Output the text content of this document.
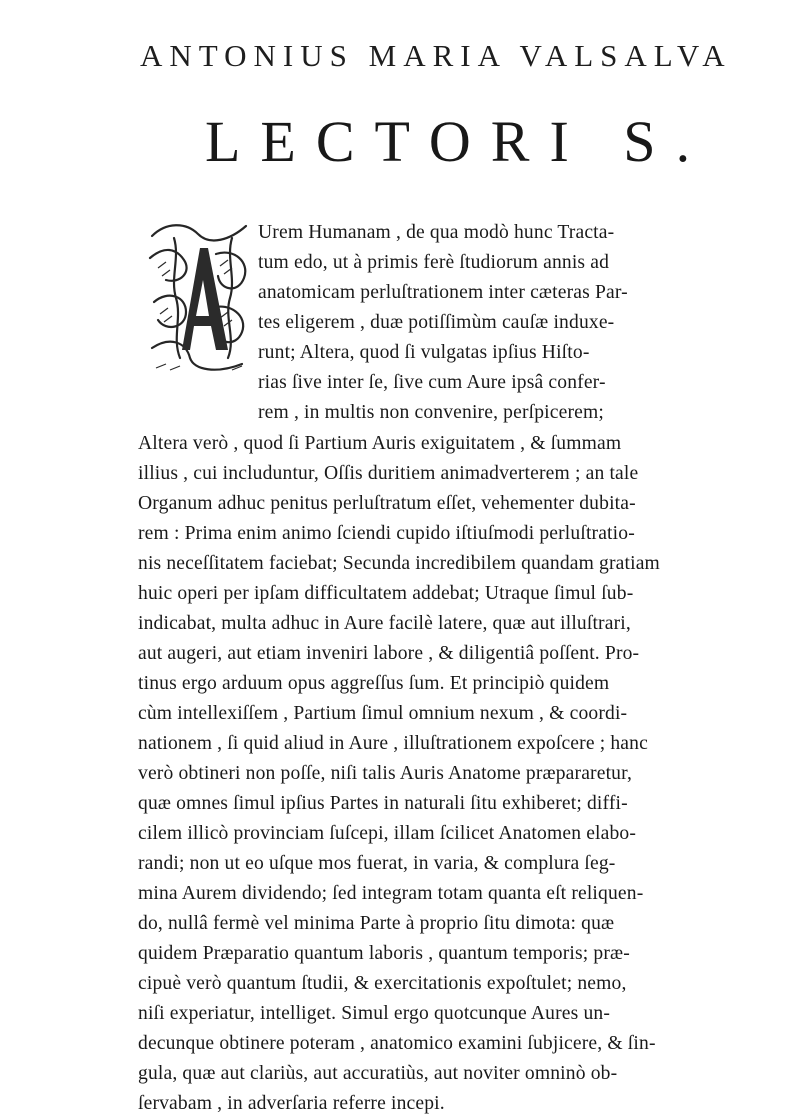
ANTONIUS MARIA VALSALVA
LECTORI S.
Urem Humanam , de qua modò hunc Tracta-
tum edo, ut à primis ferè ſtudiorum annis ad
anatomicam perluſtrationem inter cæteras Par-
tes eligerem , duæ potiſſimùm cauſæ induxe-
runt; Altera, quod ſi vulgatas ipſius Hiſto-
rias ſive inter ſe, ſive cum Aure ipsâ confer-
rem , in multis non convenire, perſpicerem;
Altera verò , quod ſi Partium Auris exiguitatem , & ſummam
illius , cui includuntur, Oſſis duritiem animadverterem ; an tale
Organum adhuc penitus perluſtratum eſſet, vehementer dubita-
rem : Prima enim animo ſciendi cupido iſtiuſmodi perluſtratio-
nis neceſſitatem faciebat; Secunda incredibilem quandam gratiam
huic operi per ipſam difficultatem addebat; Utraque ſimul ſub-
indicabat, multa adhuc in Aure facilè latere, quæ aut illuſtrari,
aut augeri, aut etiam inveniri labore , & diligentiâ poſſent. Pro-
tinus ergo arduum opus aggreſſus ſum. Et principiò quidem
cùm intellexiſſem , Partium ſimul omnium nexum , & coordi-
nationem , ſi quid aliud in Aure , illuſtrationem expoſcere ; hanc
verò obtineri non poſſe, niſi talis Auris Anatome præpararetur,
quæ omnes ſimul ipſius Partes in naturali ſitu exhiberet; diffi-
cilem illicò provinciam ſuſcepi, illam ſcilicet Anatomen elabo-
randi; non ut eo uſque mos fuerat, in varia, & complura ſeg-
mina Aurem dividendo; ſed integram totam quanta eſt reliquen-
do, nullâ fermè vel minima Parte à proprio ſitu dimota: quæ
quidem Præparatio quantum laboris , quantum temporis; præ-
cipuè verò quantum ſtudii, & exercitationis expoſtulet; nemo,
niſi experiatur, intelliget. Simul ergo quotcunque Aures un-
decunque obtinere poteram , anatomico examini ſubjicere, & ſin-
gula, quæ aut clariùs, aut accuratiùs, aut noviter omninò ob-
ſervabam , in adverſaria referre incepi.
